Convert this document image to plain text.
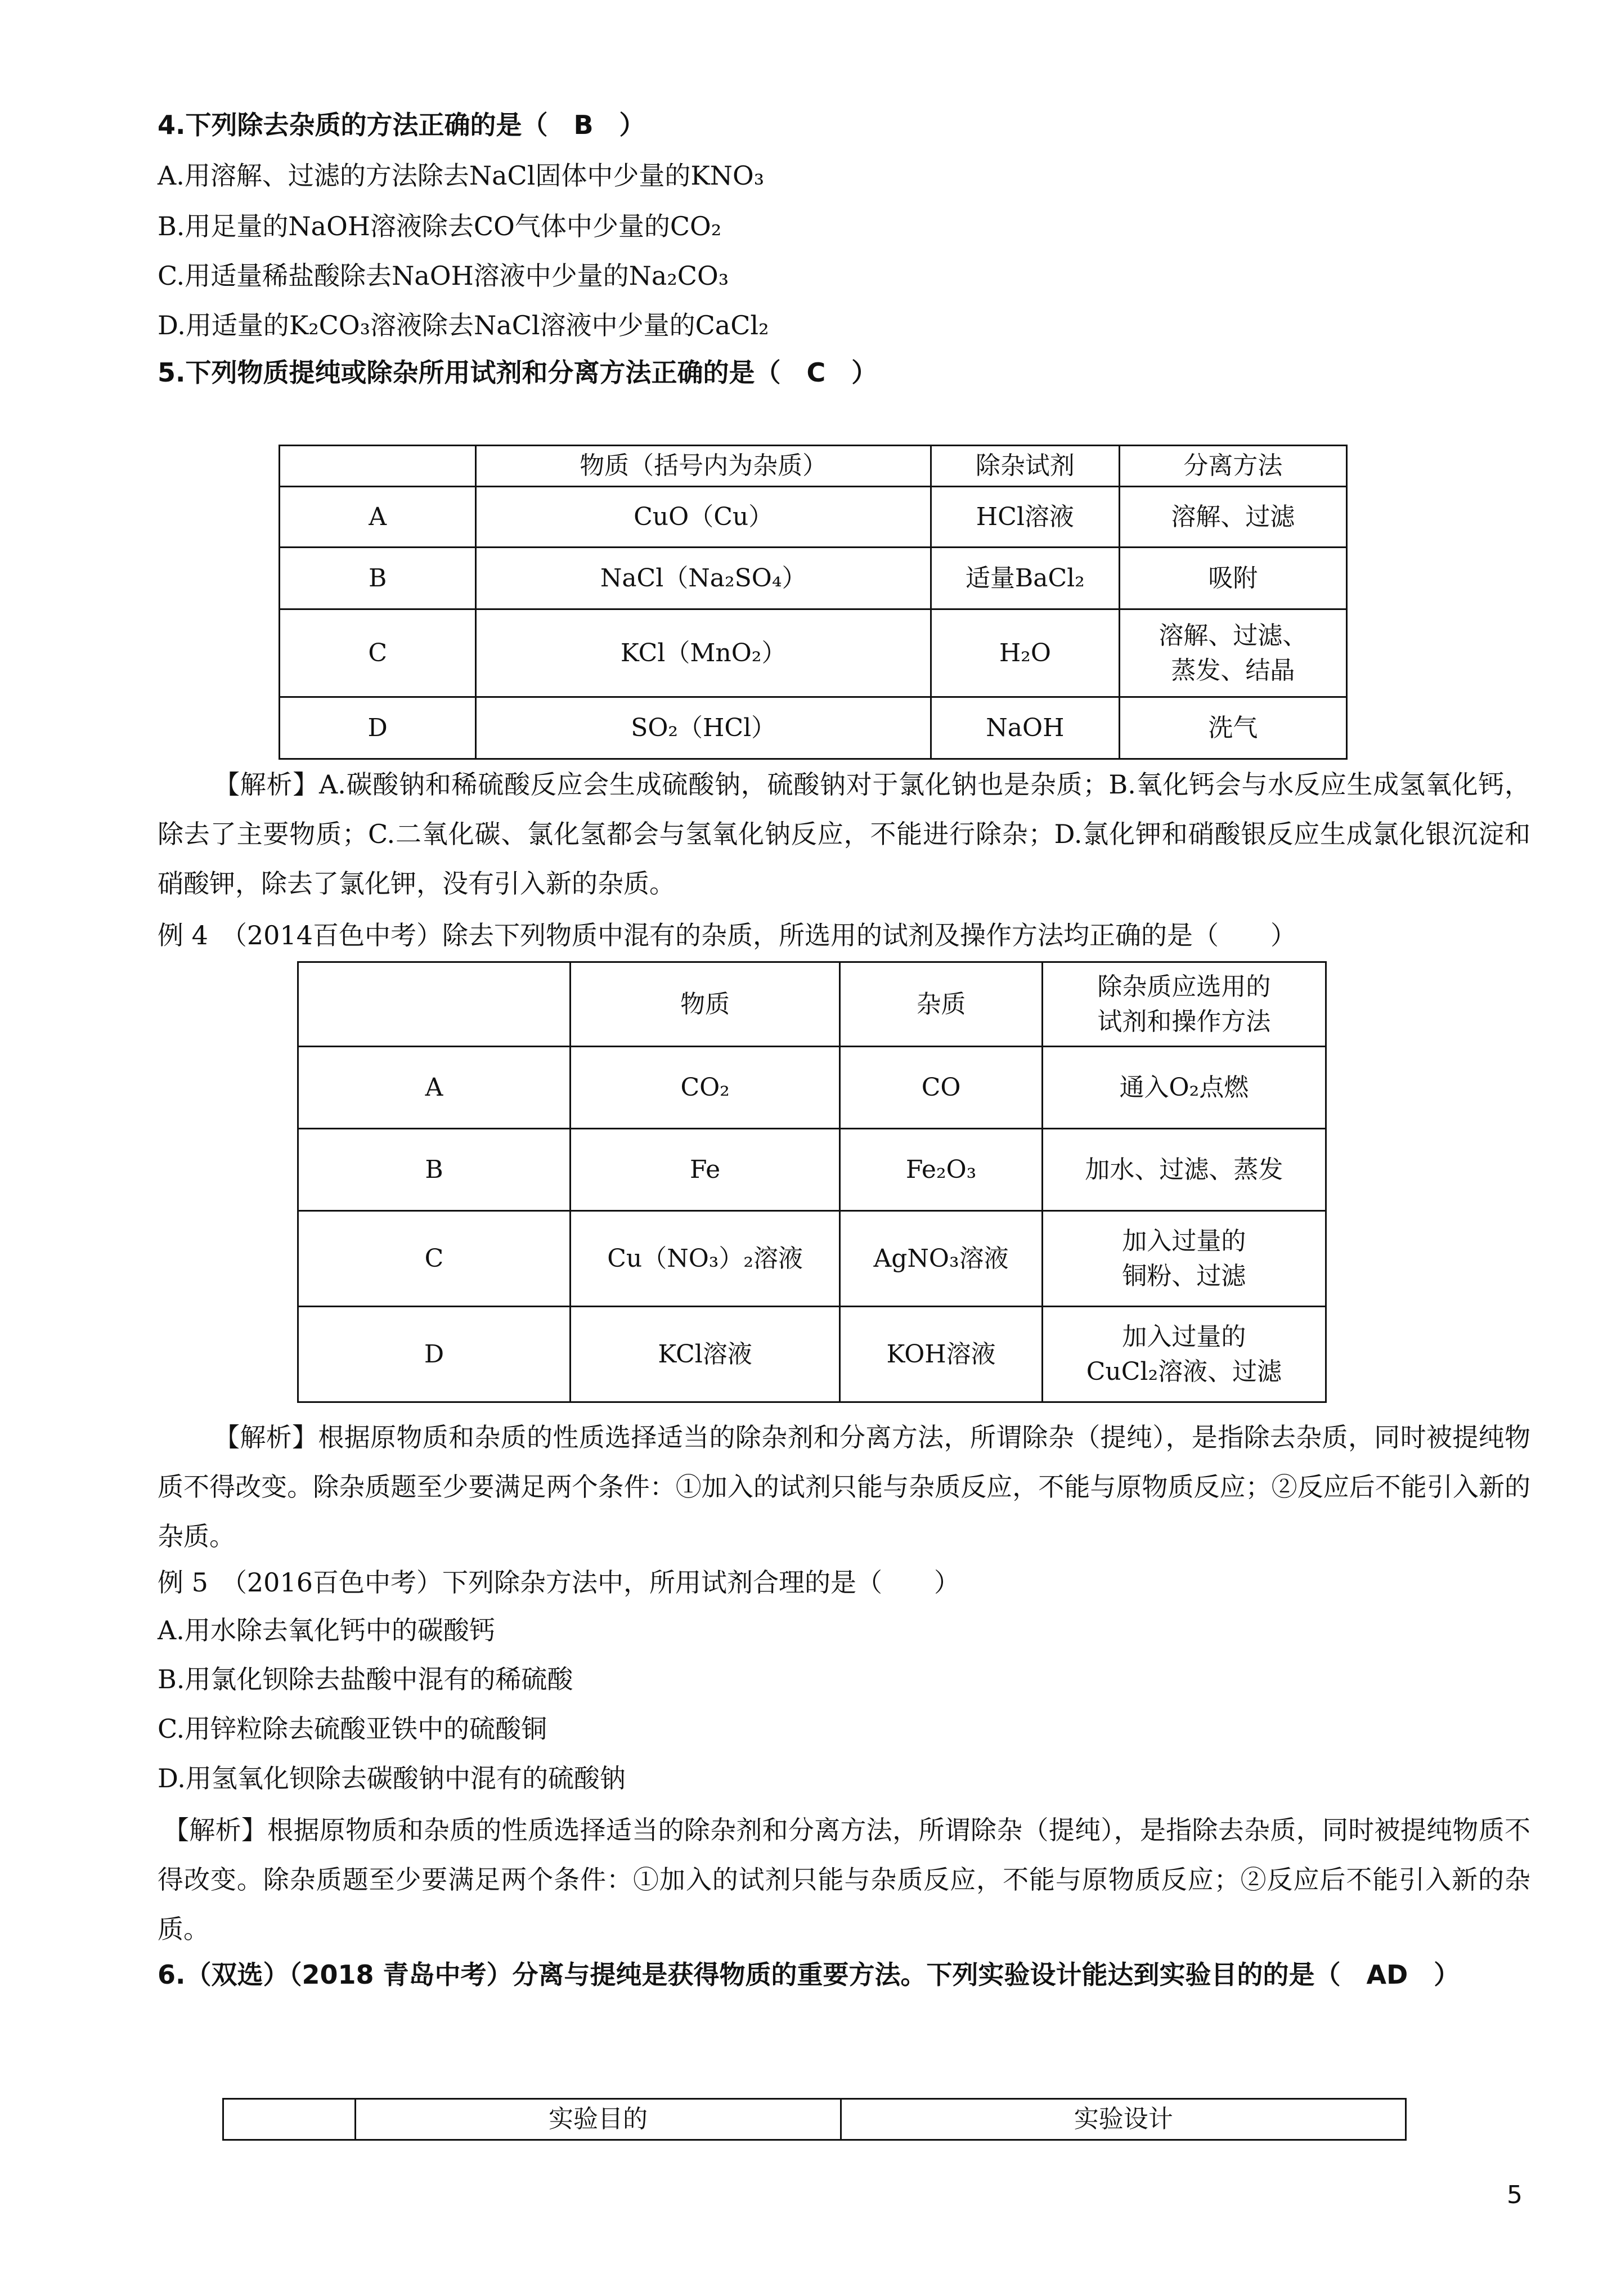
4.下列除去杂质的方法正确的是（　B　）
A.用溶解、过滤的方法除去NaCl固体中少量的KNO₃
B.用足量的NaOH溶液除去CO气体中少量的CO₂
C.用适量稀盐酸除去NaOH溶液中少量的Na₂CO₃
D.用适量的K₂CO₃溶液除去NaCl溶液中少量的CaCl₂
5.下列物质提纯或除杂所用试剂和分离方法正确的是（　C　）
	物质（括号内为杂质）	除杂试剂	分离方法
A	CuO（Cu）	HCl溶液	溶解、过滤
B	NaCl（Na₂SO₄）	适量BaCl₂	吸附
C	KCl（MnO₂）	H₂O	溶解、过滤、
蒸发、结晶
D	SO₂（HCl）	NaOH	洗气
【解析】A.碳酸钠和稀硫酸反应会生成硫酸钠，硫酸钠对于氯化钠也是杂质；B.氧化钙会与水反应生成氢氧化钙，除去了主要物质；C.二氧化碳、氯化氢都会与氢氧化钠反应，不能进行除杂；D.氯化钾和硝酸银反应生成氯化银沉淀和硝酸钾，除去了氯化钾，没有引入新的杂质。
例 4　（2014百色中考）除去下列物质中混有的杂质，所选用的试剂及操作方法均正确的是（　　）
	物质	杂质	除杂质应选用的
试剂和操作方法
A	CO₂	CO	通入O₂点燃
B	Fe	Fe₂O₃	加水、过滤、蒸发
C	Cu（NO₃）₂溶液	AgNO₃溶液	加入过量的
铜粉、过滤
D	KCl溶液	KOH溶液	加入过量的
CuCl₂溶液、过滤
【解析】根据原物质和杂质的性质选择适当的除杂剂和分离方法，所谓除杂（提纯），是指除去杂质，同时被提纯物质不得改变。除杂质题至少要满足两个条件：①加入的试剂只能与杂质反应，不能与原物质反应；②反应后不能引入新的杂质。
例 5　（2016百色中考）下列除杂方法中，所用试剂合理的是（　　）
A.用水除去氧化钙中的碳酸钙
B.用氯化钡除去盐酸中混有的稀硫酸
C.用锌粒除去硫酸亚铁中的硫酸铜
D.用氢氧化钡除去碳酸钠中混有的硫酸钠
【解析】根据原物质和杂质的性质选择适当的除杂剂和分离方法，所谓除杂（提纯），是指除去杂质，同时被提纯物质不得改变。除杂质题至少要满足两个条件：①加入的试剂只能与杂质反应，不能与原物质反应；②反应后不能引入新的杂质。
6.（双选）（2018 青岛中考）分离与提纯是获得物质的重要方法。下列实验设计能达到实验目的的是（　AD　）
	实验目的	实验设计
5
